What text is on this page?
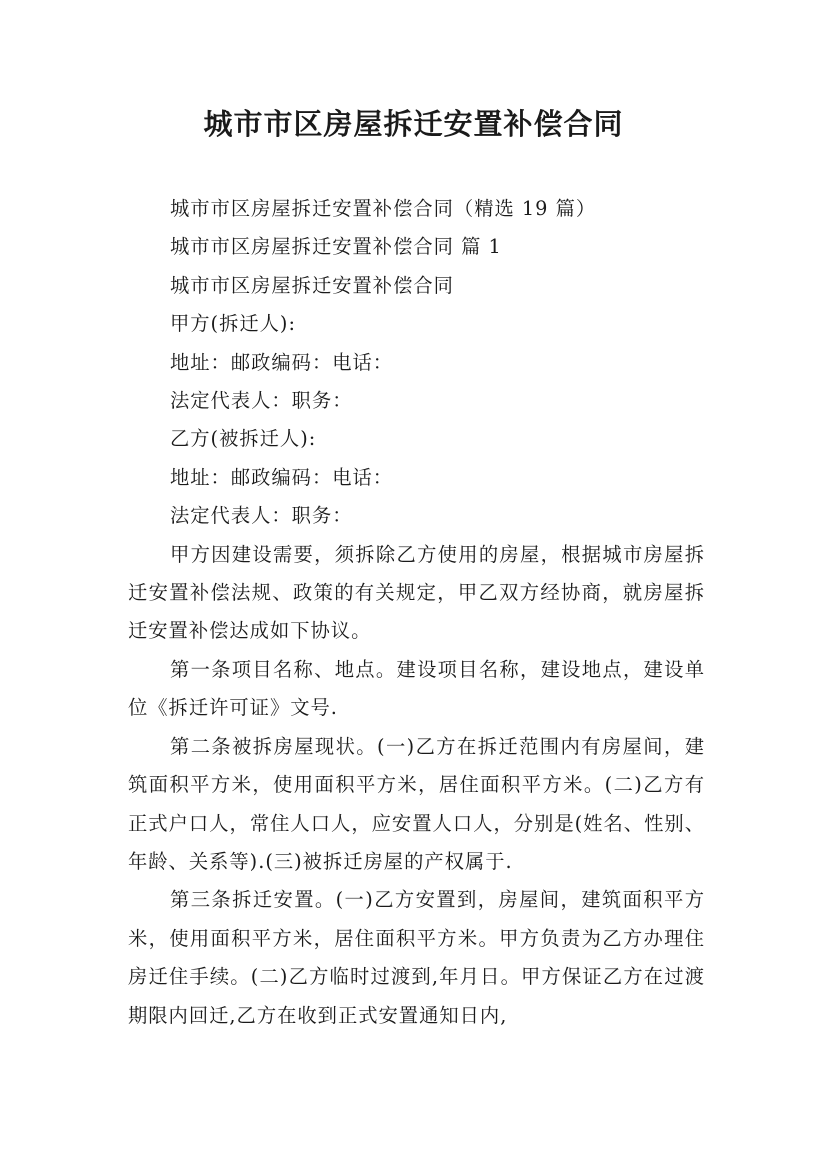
城市市区房屋拆迁安置补偿合同

城市市区房屋拆迁安置补偿合同（精选 19 篇）

城市市区房屋拆迁安置补偿合同 篇 1

城市市区房屋拆迁安置补偿合同

甲方(拆迁人):

地址：邮政编码：电话：

法定代表人：职务：

乙方(被拆迁人):

地址：邮政编码：电话：

法定代表人：职务：

甲方因建设需要，须拆除乙方使用的房屋，根据城市房屋拆迁安置补偿法规、政策的有关规定，甲乙双方经协商，就房屋拆迁安置补偿达成如下协议。

第一条项目名称、地点。建设项目名称，建设地点，建设单位《拆迁许可证》文号.

第二条被拆房屋现状。(一)乙方在拆迁范围内有房屋间，建筑面积平方米，使用面积平方米，居住面积平方米。(二)乙方有正式户口人，常住人口人，应安置人口人，分别是(姓名、性别、年龄、关系等).(三)被拆迁房屋的产权属于.

第三条拆迁安置。(一)乙方安置到，房屋间，建筑面积平方米，使用面积平方米，居住面积平方米。甲方负责为乙方办理住房迁住手续。(二)乙方临时过渡到,年月日。甲方保证乙方在过渡期限内回迁,乙方在收到正式安置通知日内,
